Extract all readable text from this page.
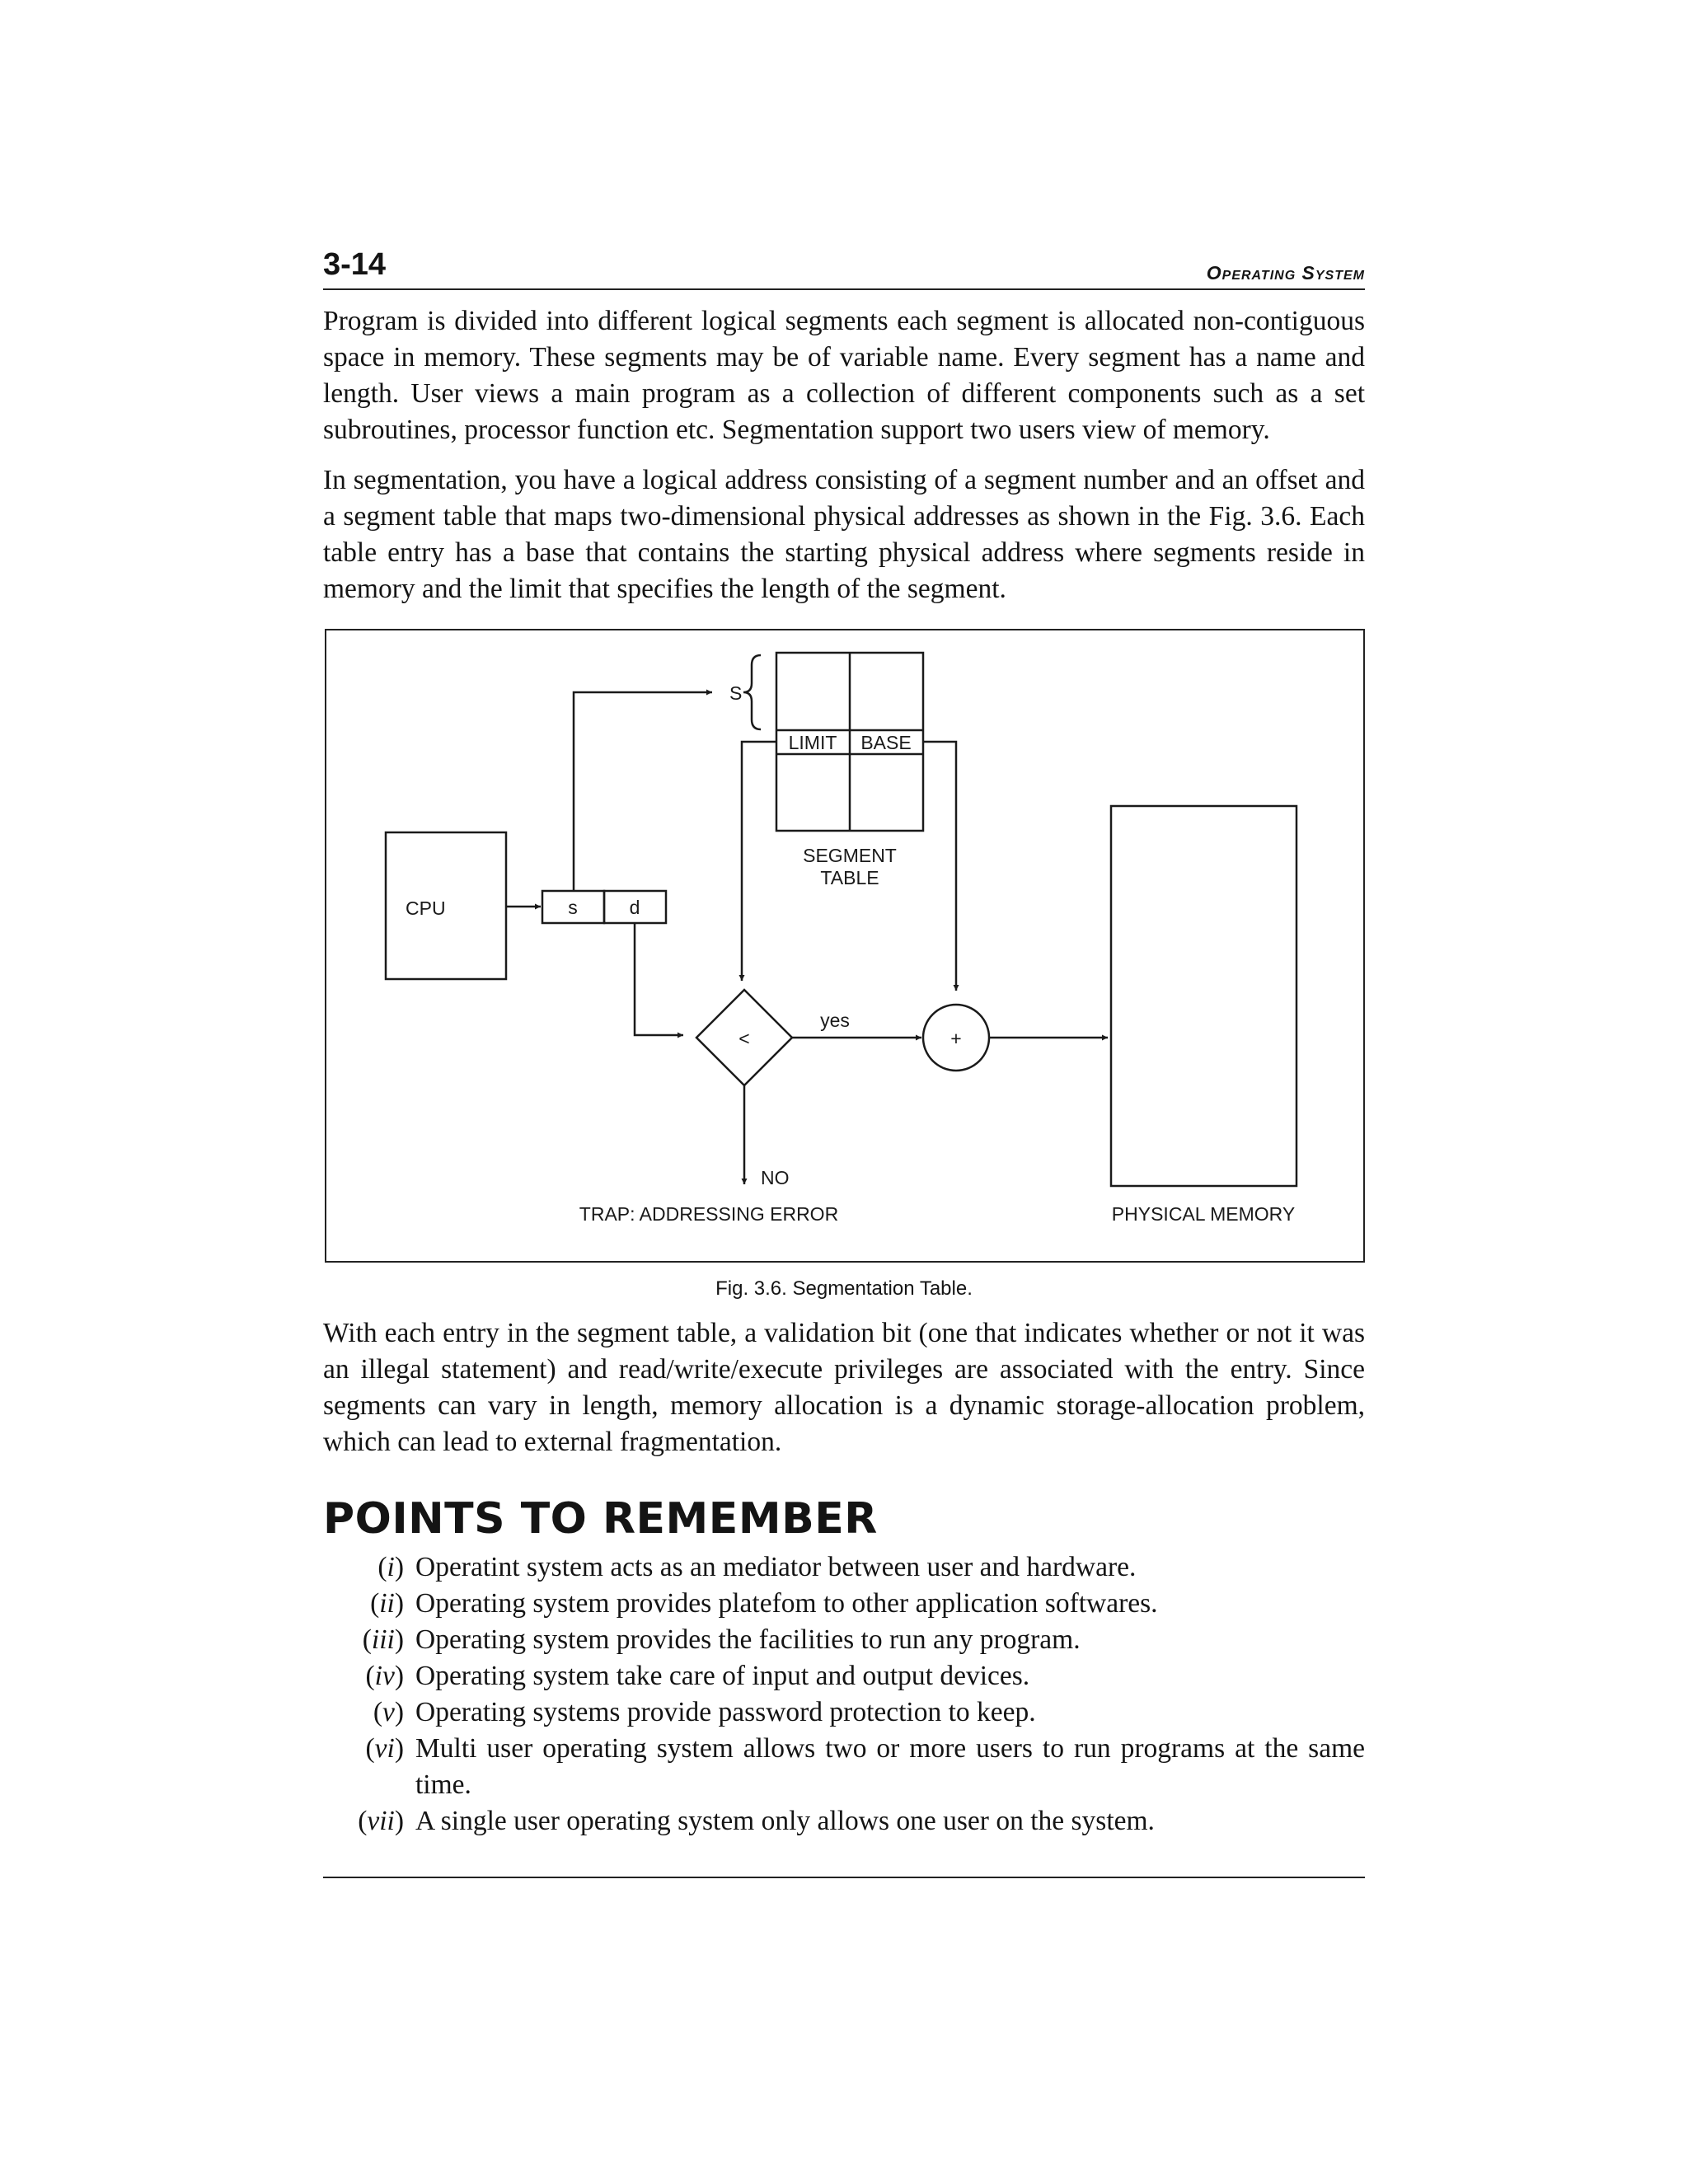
3-14	Operating System

Program is divided into different logical segments each segment is allocated non-contiguous space in memory. These segments may be of variable name. Every segment has a name and length. User views a main program as a collection of different components such as a set subroutines, processor function etc. Segmentation support two users view of memory.

In segmentation, you have a logical address consisting of a segment number and an offset and a segment table that maps two-dimensional physical addresses as shown in the Fig. 3.6. Each table entry has a base that contains the starting physical address where segments reside in memory and the limit that specifies the length of the segment.

CPU	s	d
S
LIMIT BASE
SEGMENT
TABLE
<
yes
+
NO
TRAP: ADDRESSING ERROR	PHYSICAL MEMORY
Fig. 3.6. Segmentation Table.

With each entry in the segment table, a validation bit (one that indicates whether or not it was an illegal statement) and read/write/execute privileges are associated with the entry. Since segments can vary in length, memory allocation is a dynamic storage-allocation problem, which can lead to external fragmentation.

POINTS TO REMEMBER
(i) Operatint system acts as an mediator between user and hardware.
(ii) Operating system provides platefom to other application softwares.
(iii) Operating system provides the facilities to run any program.
(iv) Operating system take care of input and output devices.
(v) Operating systems provide password protection to keep.
(vi) Multi user operating system allows two or more users to run programs at the same time.
(vii) A single user operating system only allows one user on the system.
